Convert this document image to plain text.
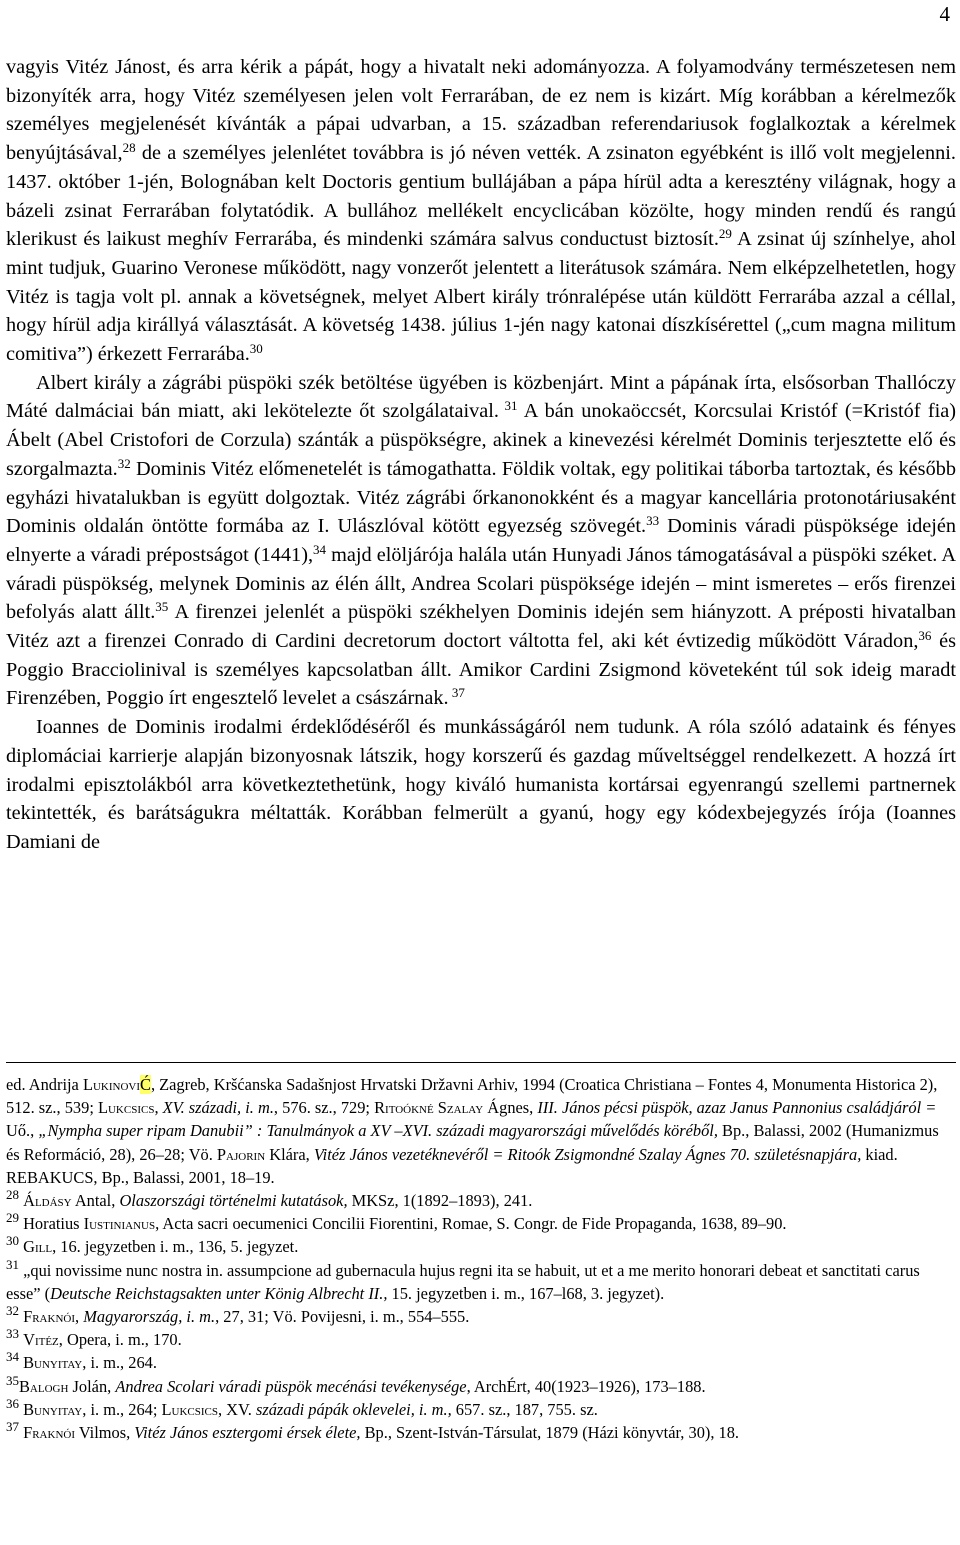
4

vagyis Vitéz Jánost, és arra kérik a pápát, hogy a hivatalt neki adományozza. A folyamodvány természetesen nem bizonyíték arra, hogy Vitéz személyesen jelen volt Ferrarában, de ez nem is kizárt. Míg korábban a kérelmezők személyes megjelenését kívánták a pápai udvarban, a 15. században referendariusok foglalkoztak a kérelmek benyújtásával,$^{28}$ de a személyes jelenlétet továbbra is jó néven vették. A zsinaton egyébként is illő volt megjelenni. 1437. október 1-jén, Bolognában kelt Doctoris gentium bullájában a pápa hírül adta a keresztény világnak, hogy a bázeli zsinat Ferrarában folytatódik. A bullához mellékelt encyclicában közölte, hogy minden rendű és rangú klerikust és laikust meghív Ferrarába, és mindenki számára salvus conductust biztosít.$^{29}$ A zsinat új színhelye, ahol mint tudjuk, Guarino Veronese működött, nagy vonzerőt jelentett a literátusok számára. Nem elképzelhetetlen, hogy Vitéz is tagja volt pl. annak a követségnek, melyet Albert király trónralépése után küldött Ferrarába azzal a céllal, hogy hírül adja királlyá választását. A követség 1438. július 1-jén nagy katonai díszkísérettel („cum magna militum comitiva”) érkezett Ferrarába.$^{30}$

Albert király a zágrábi püspöki szék betöltése ügyében is közbenjárt. Mint a pápának írta, elsősorban Thallóczy Máté dalmáciai bán miatt, aki lekötelezte őt szolgálataival. $^{31}$ A bán unokaöccsét, Korcsulai Kristóf (=Kristóf fia) Ábelt (Abel Cristofori de Corzula) szánták a püspökségre, akinek a kinevezési kérelmét Dominis terjesztette elő és szorgalmazta.$^{32}$ Dominis Vitéz előmenetelét is támogathatta. Földik voltak, egy politikai táborba tartoztak, és később egyházi hivatalukban is együtt dolgoztak. Vitéz zágrábi őrkanonokként és a magyar kancellária protonotáriusaként Dominis oldalán öntötte formába az I. Ulászlóval kötött egyezség szövegét.$^{33}$ Dominis váradi püspöksége idején elnyerte a váradi prépostságot (1441),$^{34}$ majd elöljárója halála után Hunyadi János támogatásával a püspöki széket. A váradi püspökség, melynek Dominis az élén állt, Andrea Scolari püspöksége idején – mint ismeretes – erős firenzei befolyás alatt állt.$^{35}$ A firenzei jelenlét a püspöki székhelyen Dominis idején sem hiányzott. A préposti hivatalban Vitéz azt a firenzei Conrado di Cardini decretorum doctort váltotta fel, aki két évtizedig működött Váradon,$^{36}$ és Poggio Bracciolinival is személyes kapcsolatban állt. Amikor Cardini Zsigmond követeként túl sok ideig maradt Firenzében, Poggio írt engesztelő levelet a császárnak. $^{37}$

Ioannes de Dominis irodalmi érdeklődéséről és munkásságáról nem tudunk. A róla szóló adataink és fényes diplomáciai karrierje alapján bizonyosnak látszik, hogy korszerű és gazdag műveltséggel rendelkezett. A hozzá írt irodalmi episztolákból arra következtethetünk, hogy kiváló humanista kortársai egyenrangú szellemi partnernek tekintették, és barátságukra méltatták. Korábban felmerült a gyanú, hogy egy kódexbejegyzés írója (Ioannes Damiani de

ed. Andrija LukinoviĆ, Zagreb, Kršćanska Sadašnjost Hrvatski Državni Arhiv, 1994 (Croatica Christiana – Fontes 4, Monumenta Historica 2), 512. sz., 539; Lukcsics, XV. századi, i. m., 576. sz., 729; Ritoókné Szalay Ágnes, III. János pécsi püspök, azaz Janus Pannonius családjáról = Uő., „Nympha super ripam Danubii” : Tanulmányok a XV –XVI. századi magyarországi művelődés köréből, Bp., Balassi, 2002 (Humanizmus és Reformáció, 28), 26–28; Vö. Pajorin Klára, Vitéz János vezetéknevéről = Ritoók Zsigmondné Szalay Ágnes 70. születésnapjára, kiad. REBAKUCS, Bp., Balassi, 2001, 18–19.

$^{28}$ Áldásy Antal, Olaszországi történelmi kutatások, MKSz, 1(1892–1893), 241.

$^{29}$ Horatius Iustinianus, Acta sacri oecumenici Concilii Fiorentini, Romae, S. Congr. de Fide Propaganda, 1638, 89–90.

$^{30}$ Gill, 16. jegyzetben i. m., 136, 5. jegyzet.

$^{31}$ „qui novissime nunc nostra in. assumpcione ad gubernacula hujus regni ita se habuit, ut et a me merito honorari debeat et sanctitati carus esse” (Deutsche Reichstagsakten unter König Albrecht II., 15. jegyzetben i. m., 167–l68, 3. jegyzet).

$^{32}$ Fraknói, Magyarország, i. m., 27, 31; Vö. Povijesni, i. m., 554–555.

$^{33}$ Vitéz, Opera, i. m., 170.

$^{34}$ Bunyitay, i. m., 264.

$^{35}$Balogh Jolán, Andrea Scolari váradi püspök mecénási tevékenysége, ArchÉrt, 40(1923–1926), 173–188.

$^{36}$ Bunyitay, i. m., 264; Lukcsics, XV. századi pápák oklevelei, i. m., 657. sz., 187, 755. sz.

$^{37}$ Fraknói Vilmos, Vitéz János esztergomi érsek élete, Bp., Szent-István-Társulat, 1879 (Házi könyvtár, 30), 18.
